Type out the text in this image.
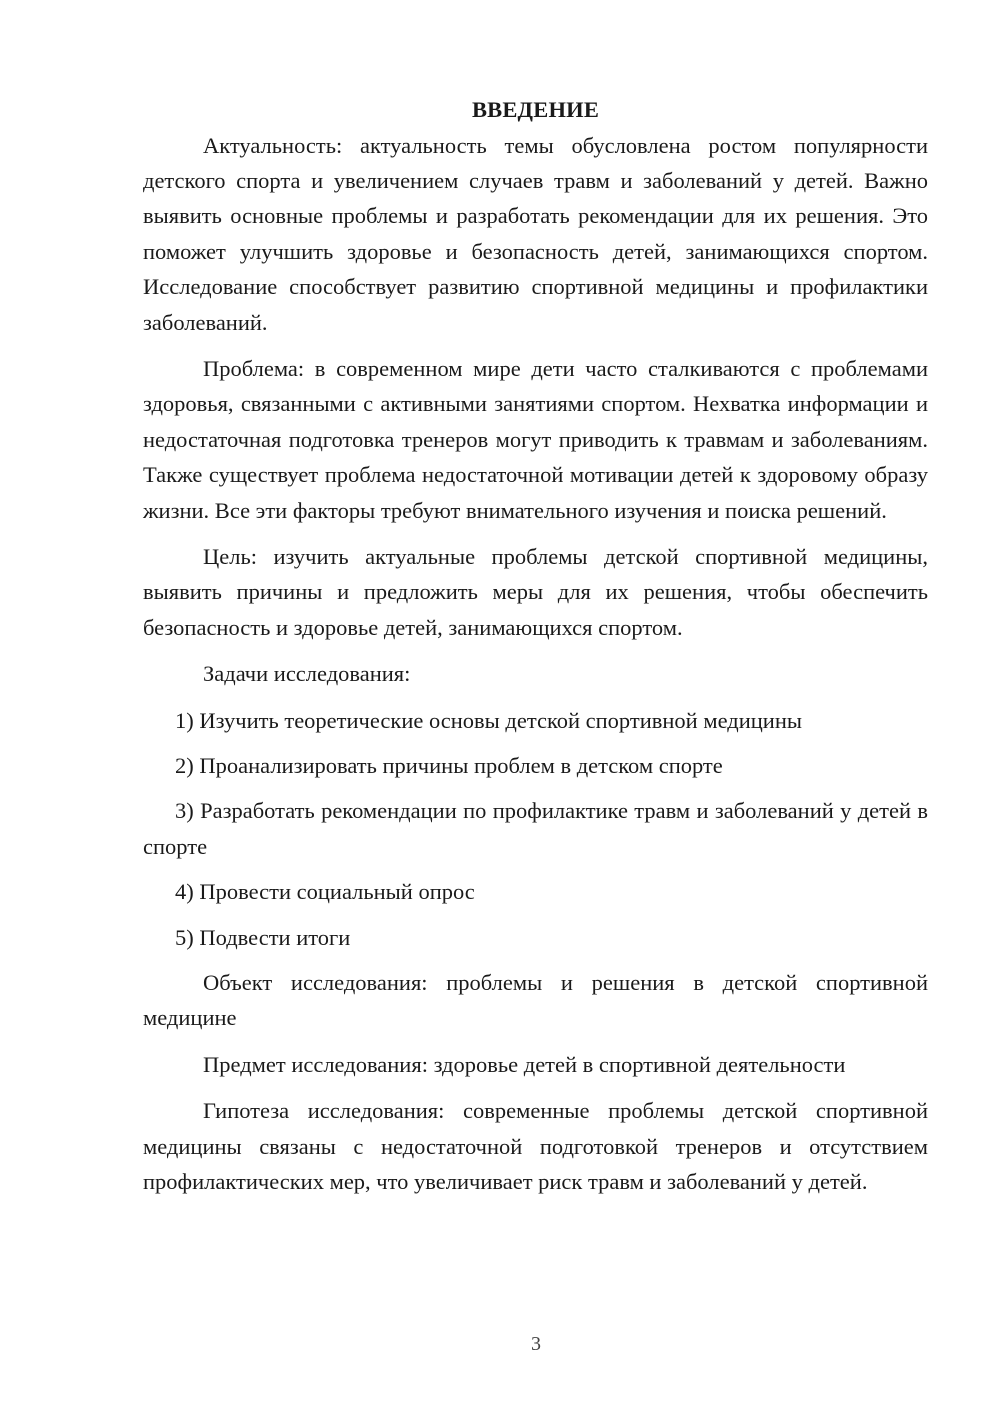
ВВЕДЕНИЕ

Актуальность: актуальность темы обусловлена ростом популярности детского спорта и увеличением случаев травм и заболеваний у детей. Важно выявить основные проблемы и разработать рекомендации для их решения. Это поможет улучшить здоровье и безопасность детей, занимающихся спортом. Исследование способствует развитию спортивной медицины и профилактики заболеваний.

Проблема: в современном мире дети часто сталкиваются с проблемами здоровья, связанными с активными занятиями спортом. Нехватка информации и недостаточная подготовка тренеров могут приводить к травмам и заболеваниям. Также существует проблема недостаточной мотивации детей к здоровому образу жизни. Все эти факторы требуют внимательного изучения и поиска решений.

Цель: изучить актуальные проблемы детской спортивной медицины, выявить причины и предложить меры для их решения, чтобы обеспечить безопасность и здоровье детей, занимающихся спортом.

Задачи исследования:

1) Изучить теоретические основы детской спортивной медицины

2) Проанализировать причины проблем в детском спорте

3) Разработать рекомендации по профилактике травм и заболеваний у детей в спорте

4) Провести социальный опрос

5) Подвести итоги

Объект исследования: проблемы и решения в детской спортивной медицине

Предмет исследования: здоровье детей в спортивной деятельности

Гипотеза исследования: современные проблемы детской спортивной медицины связаны с недостаточной подготовкой тренеров и отсутствием профилактических мер, что увеличивает риск травм и заболеваний у детей.

3
